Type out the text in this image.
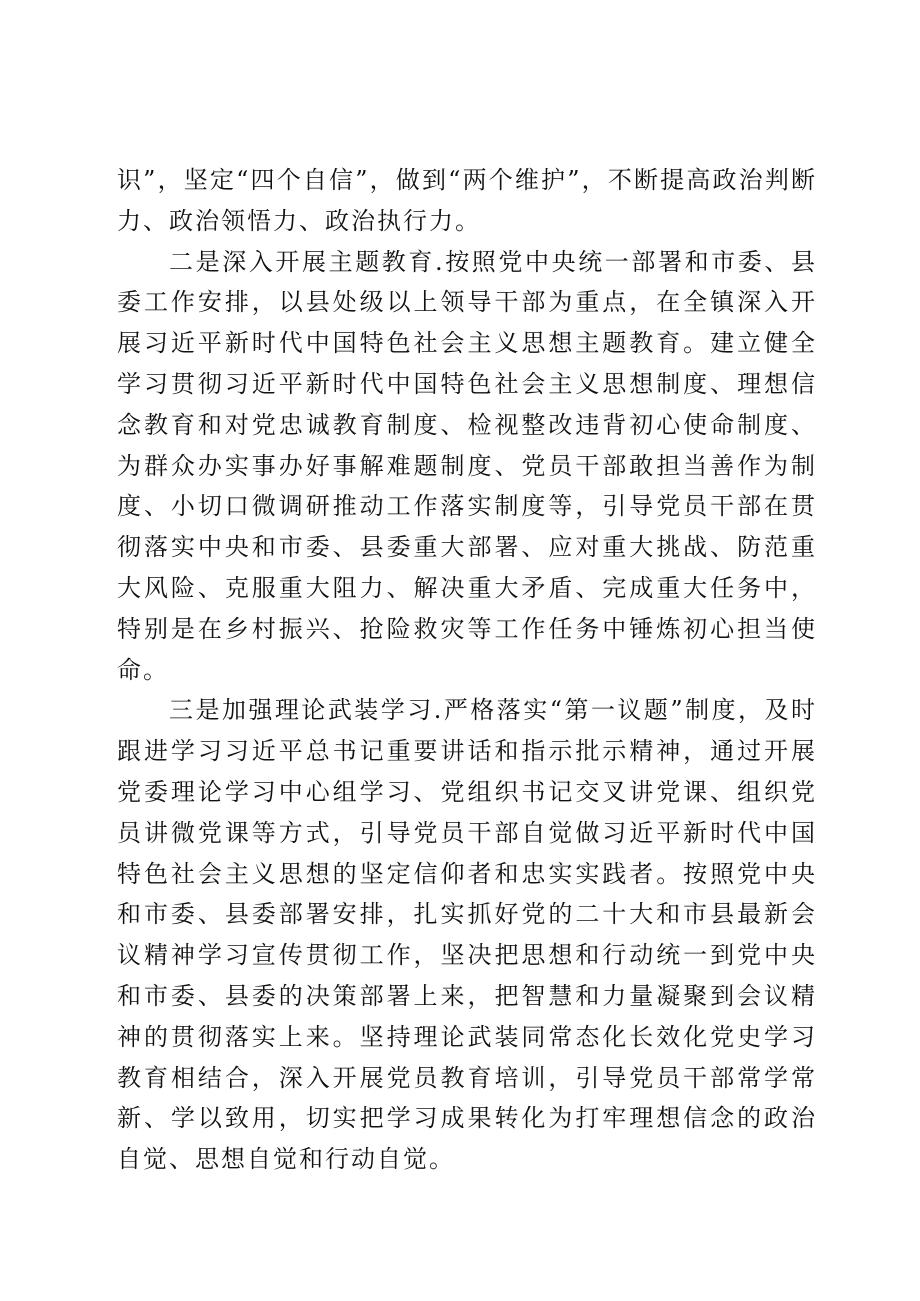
识”，坚定“四个自信”，做到“两个维护”，不断提高政治判断力、政治领悟力、政治执行力。

二是深入开展主题教育.按照党中央统一部署和市委、县委工作安排，以县处级以上领导干部为重点，在全镇深入开展习近平新时代中国特色社会主义思想主题教育。建立健全学习贯彻习近平新时代中国特色社会主义思想制度、理想信念教育和对党忠诚教育制度、检视整改违背初心使命制度、为群众办实事办好事解难题制度、党员干部敢担当善作为制度、小切口微调研推动工作落实制度等，引导党员干部在贯彻落实中央和市委、县委重大部署、应对重大挑战、防范重大风险、克服重大阻力、解决重大矛盾、完成重大任务中，特别是在乡村振兴、抢险救灾等工作任务中锤炼初心担当使命。

三是加强理论武装学习.严格落实“第一议题”制度，及时跟进学习习近平总书记重要讲话和指示批示精神，通过开展党委理论学习中心组学习、党组织书记交叉讲党课、组织党员讲微党课等方式，引导党员干部自觉做习近平新时代中国特色社会主义思想的坚定信仰者和忠实实践者。按照党中央和市委、县委部署安排，扎实抓好党的二十大和市县最新会议精神学习宣传贯彻工作，坚决把思想和行动统一到党中央和市委、县委的决策部署上来，把智慧和力量凝聚到会议精神的贯彻落实上来。坚持理论武装同常态化长效化党史学习教育相结合，深入开展党员教育培训，引导党员干部常学常新、学以致用，切实把学习成果转化为打牢理想信念的政治自觉、思想自觉和行动自觉。
